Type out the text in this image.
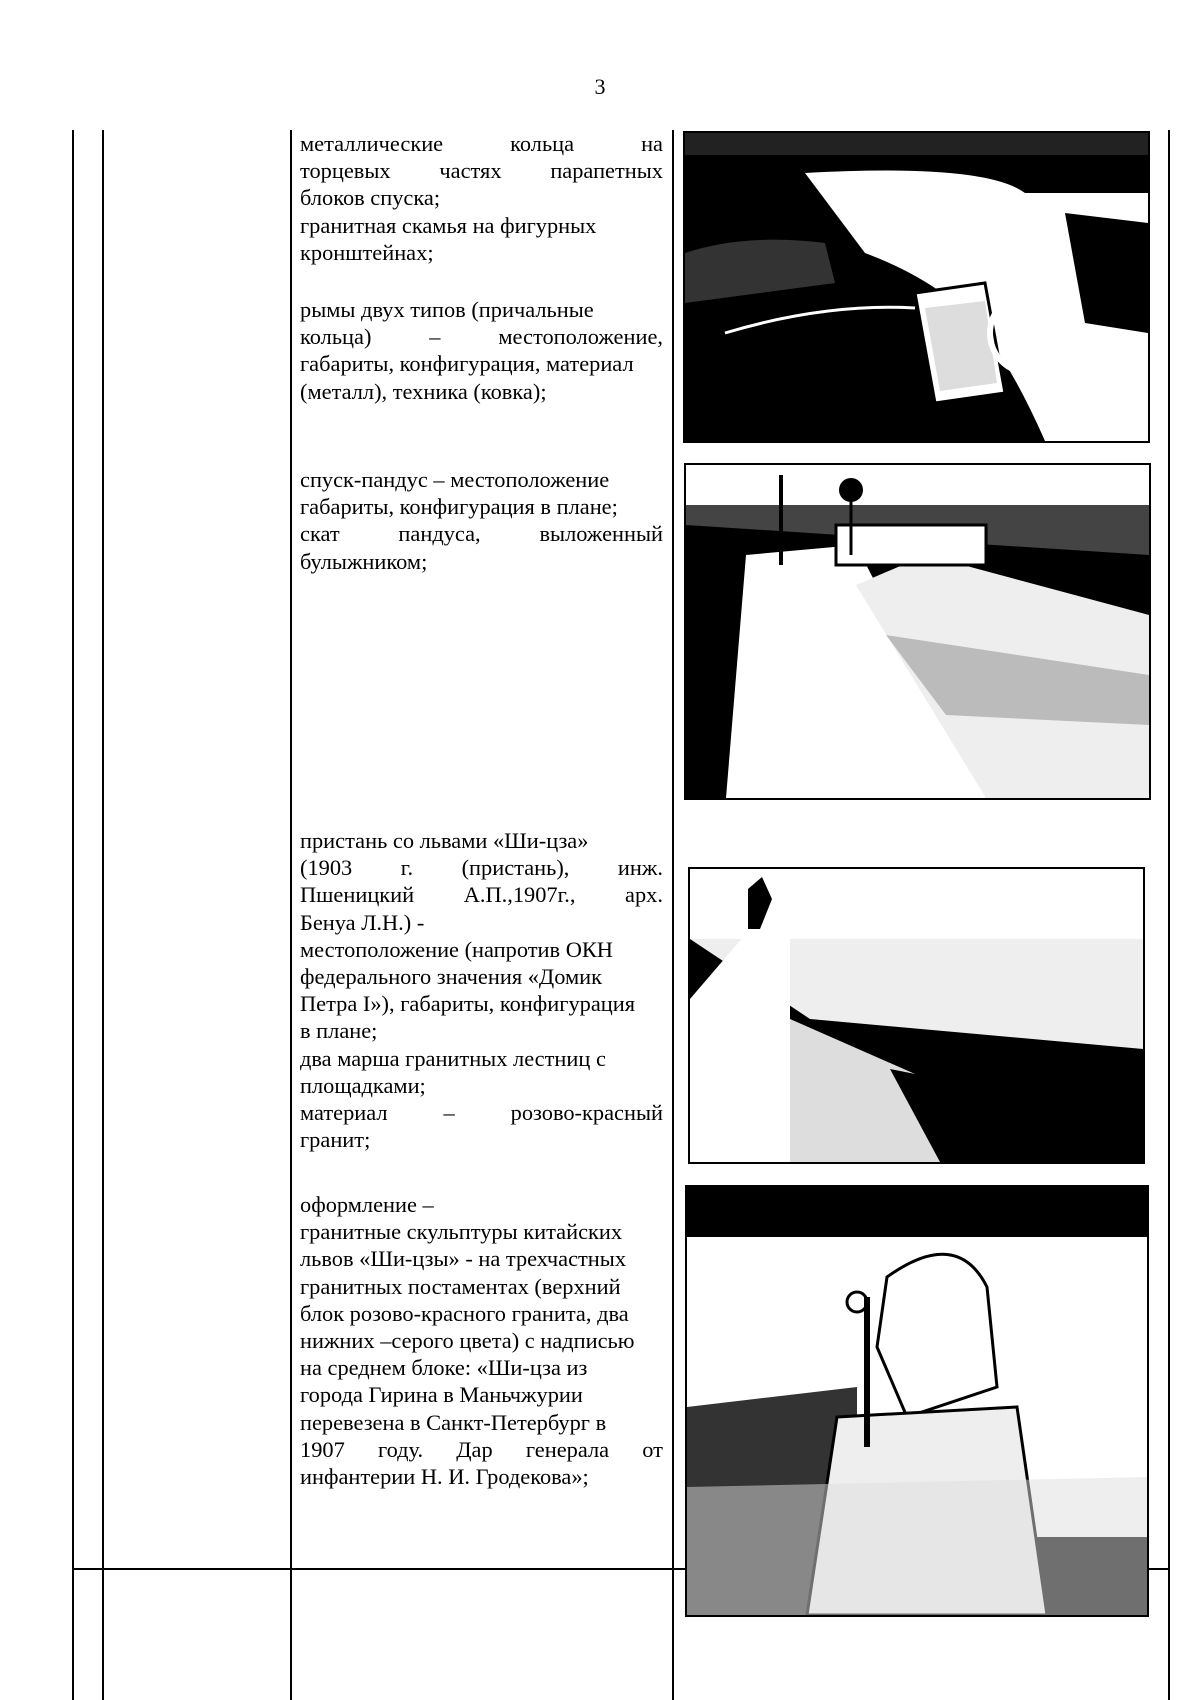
3
металлические	кольца	на
торцевых частях парапетных
блоков спуска;
гранитная скамья на фигурных
кронштейнах;
рымы двух типов (причальные
кольца)	–	местоположение,
габариты, конфигурация, материал
(металл), техника (ковка);
спуск-пандус – местоположение
габариты, конфигурация в плане;
скат	пандуса,	выложенный
булыжником;
пристань со львами «Ши-цза»
(1903 г. (пристань), инж.
Пшеницкий А.П.,1907г., арх.
Бенуа Л.Н.) -
местоположение (напротив ОКН
федерального значения «Домик
Петра I»), габариты, конфигурация
в плане;
два марша гранитных лестниц с
площадками;
материал – розово-красный
гранит;
оформление –
гранитные скульптуры китайских
львов «Ши-цзы» - на трехчастных
гранитных постаментах (верхний
блок розово-красного гранита, два
нижних –серого цвета) с надписью
на среднем блоке: «Ши-цза из
города Гирина в Маньчжурии
перевезена в Санкт-Петербург в
1907 году. Дар генерала от
инфантерии Н. И. Гродекова»;
